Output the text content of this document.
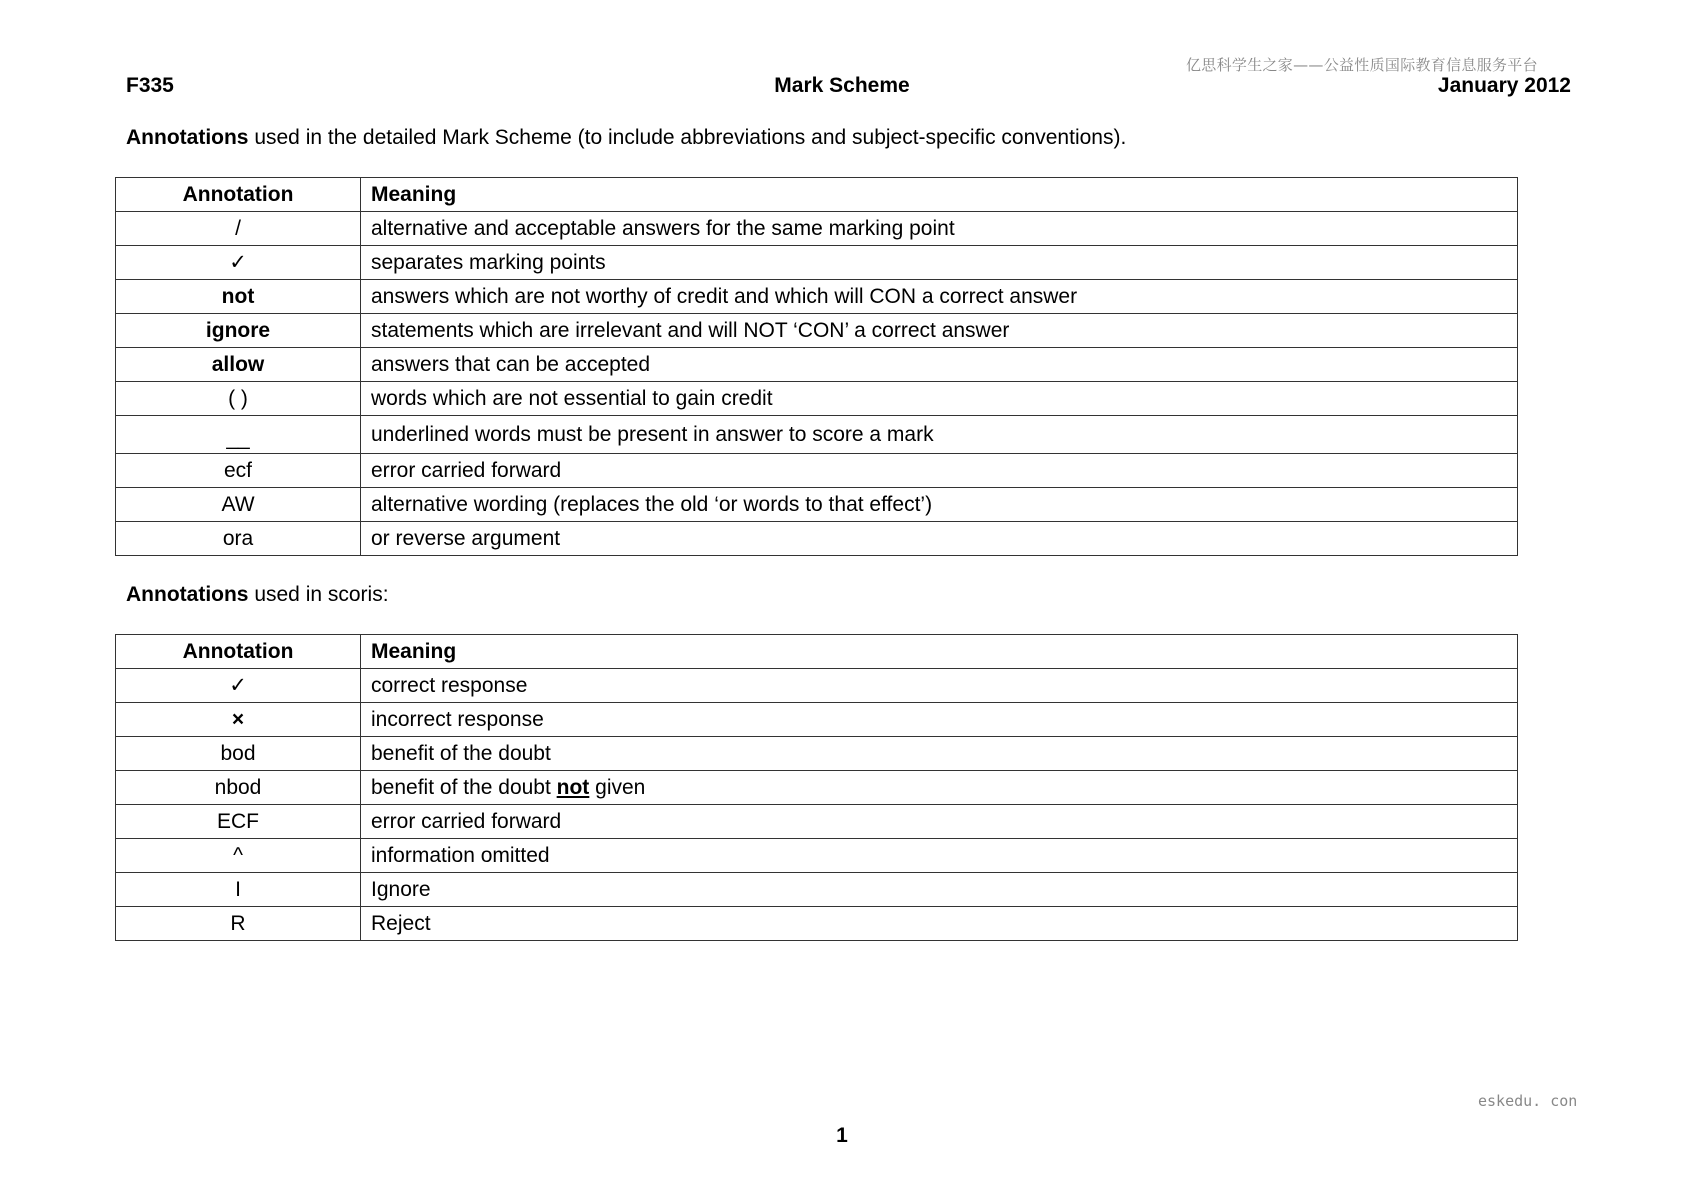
亿思科学生之家——公益性质国际教育信息服务平台
F335	Mark Scheme	January 2012
Annotations used in the detailed Mark Scheme (to include abbreviations and subject-specific conventions).
Annotation	Meaning
/	alternative and acceptable answers for the same marking point
✓	separates marking points
not	answers which are not worthy of credit and which will CON a correct answer
ignore	statements which are irrelevant and will NOT ‘CON’ a correct answer
allow	answers that can be accepted
( )	words which are not essential to gain credit
__	underlined words must be present in answer to score a mark
ecf	error carried forward
AW	alternative wording (replaces the old ‘or words to that effect’)
ora	or reverse argument
Annotations used in scoris:
Annotation	Meaning
✓	correct response
×	incorrect response
bod	benefit of the doubt
nbod	benefit of the doubt not given
ECF	error carried forward
^	information omitted
I	Ignore
R	Reject
eskedu. con
1
